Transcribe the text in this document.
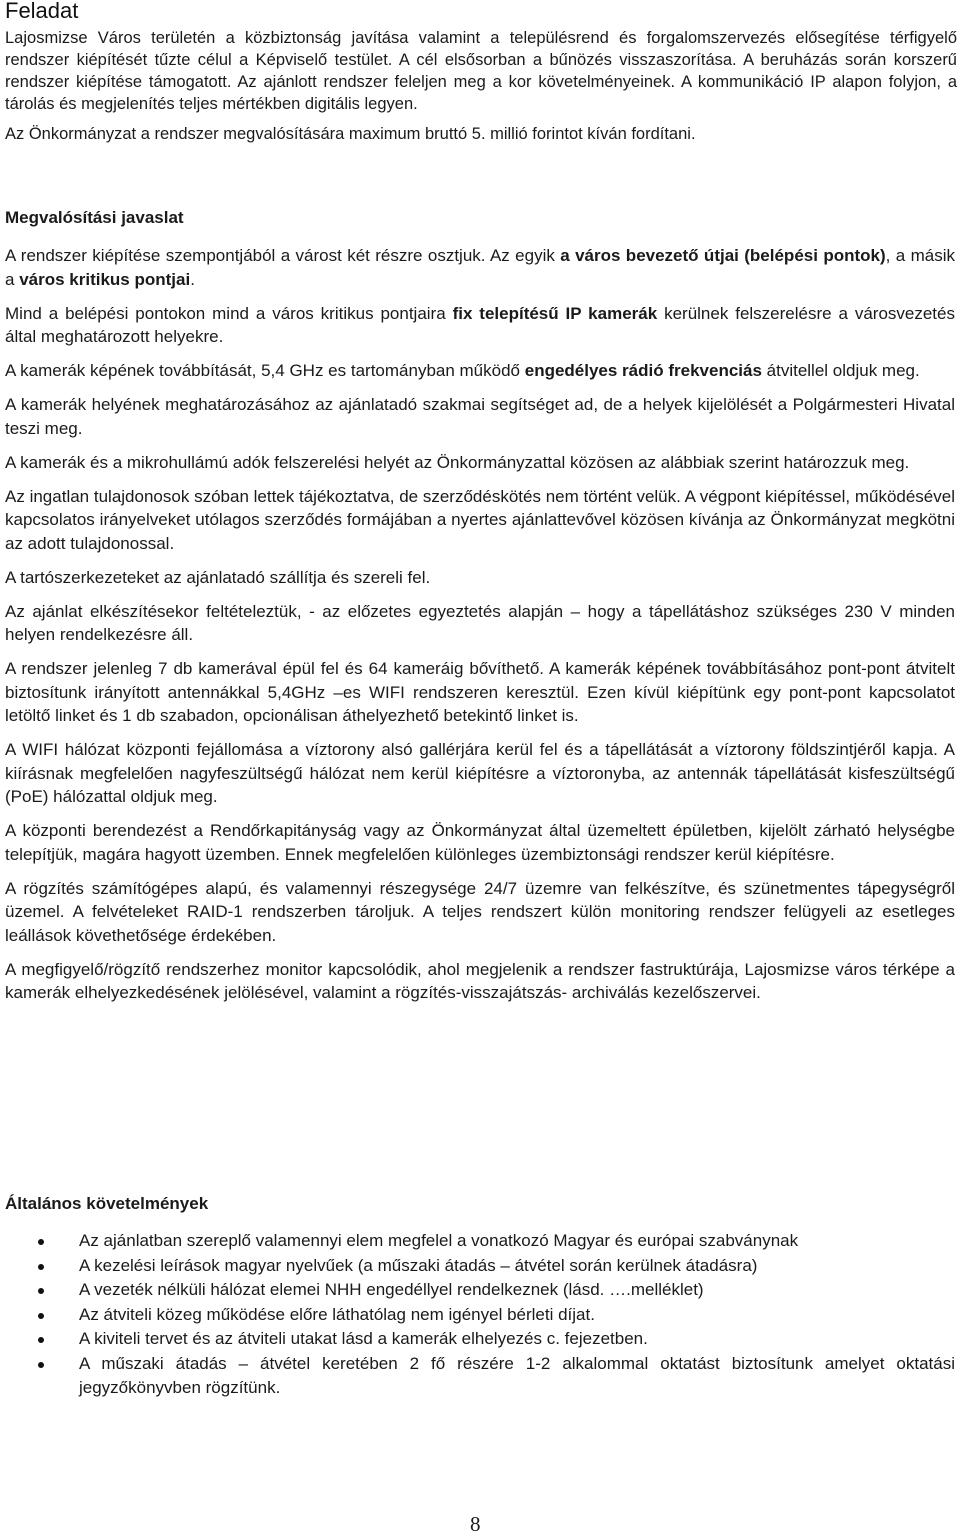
Feladat

Lajosmizse Város területén a közbiztonság javítása valamint a településrend és forgalomszervezés elősegítése térfigyelő rendszer kiépítését tűzte célul a Képviselő testület. A cél elsősorban a bűnözés visszaszorítása. A beruházás során korszerű rendszer kiépítése támogatott. Az ajánlott rendszer feleljen meg a kor követelményeinek. A kommunikáció IP alapon folyjon, a tárolás és megjelenítés teljes mértékben digitális legyen.

Az Önkormányzat a rendszer megvalósítására maximum bruttó 5. millió forintot kíván fordítani.

Megvalósítási javaslat

A rendszer kiépítése szempontjából a várost két részre osztjuk. Az egyik a város bevezető útjai (belépési pontok), a másik a város kritikus pontjai.

Mind a belépési pontokon mind a város kritikus pontjaira fix telepítésű IP kamerák kerülnek felszerelésre a városvezetés által meghatározott helyekre.

A kamerák képének továbbítását, 5,4 GHz es tartományban működő engedélyes rádió frekvenciás átvitellel oldjuk meg.

A kamerák helyének meghatározásához az ajánlatadó szakmai segítséget ad, de a helyek kijelölését a Polgármesteri Hivatal teszi meg.

A kamerák és a mikrohullámú adók felszerelési helyét az Önkormányzattal közösen az alábbiak szerint határozzuk meg.

Az ingatlan tulajdonosok szóban lettek tájékoztatva, de szerződéskötés nem történt velük. A végpont kiépítéssel, működésével kapcsolatos irányelveket utólagos szerződés formájában a nyertes ajánlattevővel közösen kívánja az Önkormányzat megkötni az adott tulajdonossal.

A tartószerkezeteket az ajánlatadó szállítja és szereli fel.

Az ajánlat elkészítésekor feltételeztük, - az előzetes egyeztetés alapján – hogy a tápellátáshoz szükséges 230 V minden helyen rendelkezésre áll.

A rendszer jelenleg 7 db kamerával épül fel és 64 kameráig bővíthető. A kamerák képének továbbításához pont-pont átvitelt biztosítunk irányított antennákkal 5,4GHz –es WIFI rendszeren keresztül. Ezen kívül kiépítünk egy pont-pont kapcsolatot letöltő linket és 1 db szabadon, opcionálisan áthelyezhető betekintő linket is.

A WIFI hálózat központi fejállomása a víztorony alsó gallérjára kerül fel és a tápellátását a víztorony földszintjéről kapja. A kiírásnak megfelelően nagyfeszültségű hálózat nem kerül kiépítésre a víztoronyba, az antennák tápellátását kisfeszültségű (PoE) hálózattal oldjuk meg.

A központi berendezést a Rendőrkapitányság vagy az Önkormányzat által üzemeltett épületben, kijelölt zárható helységbe telepítjük, magára hagyott üzemben. Ennek megfelelően különleges üzembiztonsági rendszer kerül kiépítésre.

A rögzítés számítógépes alapú, és valamennyi részegysége 24/7 üzemre van felkészítve, és szünetmentes tápegységről üzemel. A felvételeket RAID-1 rendszerben tároljuk. A teljes rendszert külön monitoring rendszer felügyeli az esetleges leállások követhetősége érdekében.

A megfigyelő/rögzítő rendszerhez monitor kapcsolódik, ahol megjelenik a rendszer fastruktúrája, Lajosmizse város térképe a kamerák elhelyezkedésének jelölésével, valamint a rögzítés-visszajátszás- archiválás kezelőszervei.

Általános követelmények
Az ajánlatban szereplő valamennyi elem megfelel a vonatkozó Magyar és európai szabványnak
A kezelési leírások magyar nyelvűek (a műszaki átadás – átvétel során kerülnek átadásra)
A vezeték nélküli hálózat elemei NHH engedéllyel rendelkeznek (lásd. ….melléklet)
Az átviteli közeg működése előre láthatólag nem igényel bérleti díjat.
A kiviteli tervet és az átviteli utakat lásd a kamerák elhelyezés c. fejezetben.
A műszaki átadás – átvétel keretében 2 fő részére 1-2 alkalommal oktatást biztosítunk amelyet oktatási jegyzőkönyvben rögzítünk.
8
